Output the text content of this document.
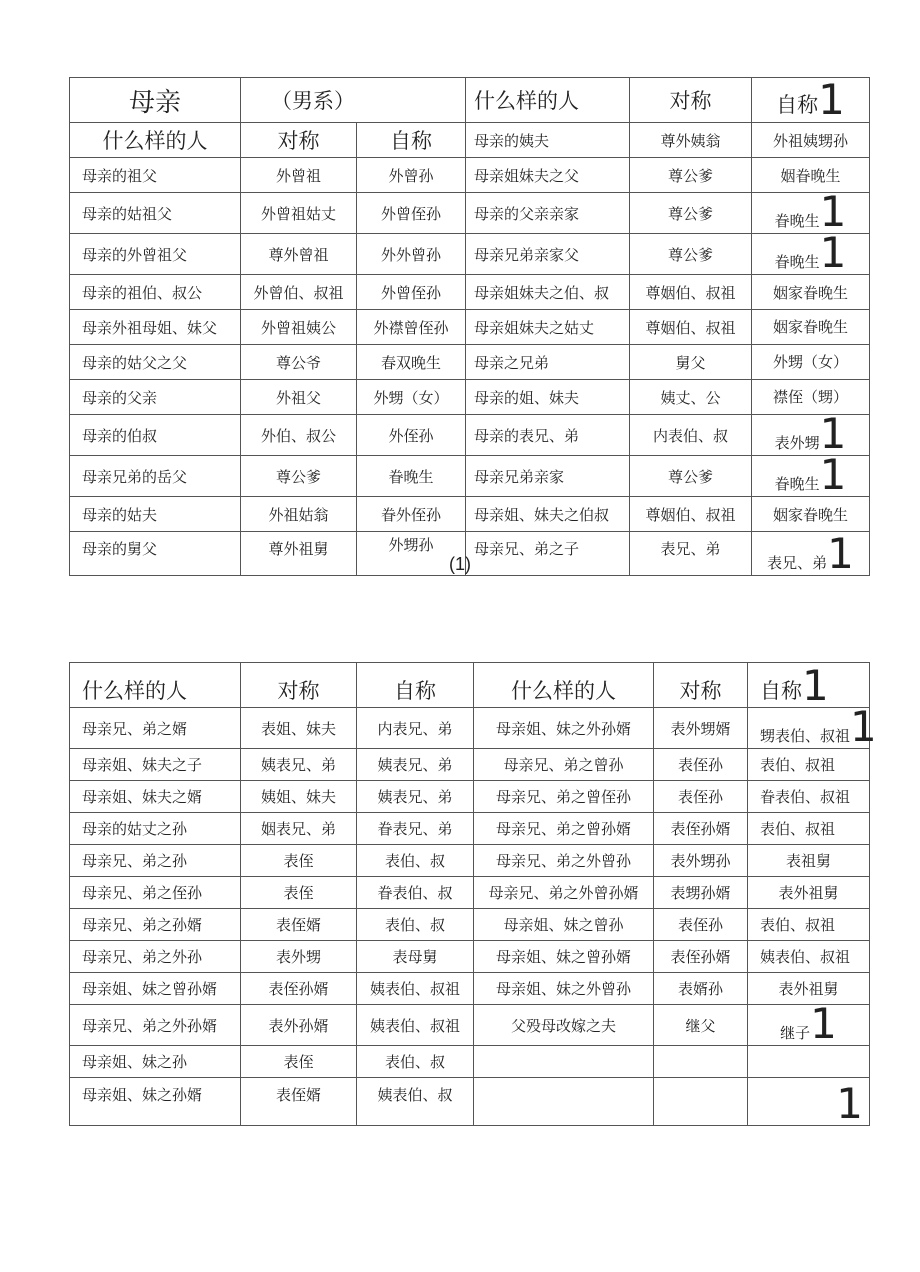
母亲	（男系）		什么样的人	对称	自称1
什么样的人	对称	自称	母亲的姨夫	尊外姨翁	外祖姨甥孙
母亲的祖父	外曾祖	外曾孙	母亲姐妹夫之父	尊公爹	姻眷晚生
母亲的姑祖父	外曾祖姑丈	外曾侄孙	母亲的父亲亲家	尊公爹	眷晚生1
母亲的外曾祖父	尊外曾祖	外外曾孙	母亲兄弟亲家父	尊公爹	眷晚生1
母亲的祖伯、叔公	外曾伯、叔祖	外曾侄孙	母亲姐妹夫之伯、叔	尊姻伯、叔祖	姻家眷晚生
母亲外祖母姐、妹父	外曾祖姨公	外襟曾侄孙	母亲姐妹夫之姑丈	尊姻伯、叔祖	姻家眷晚生
母亲的姑父之父	尊公爷	春双晚生	母亲之兄弟	舅父	外甥（女）
母亲的父亲	外祖父	外甥（女）	母亲的姐、妹夫	姨丈、公	襟侄（甥）
母亲的伯叔	外伯、叔公	外侄孙	母亲的表兄、弟	内表伯、叔	表外甥1
母亲兄弟的岳父	尊公爹	眷晚生	母亲兄弟亲家	尊公爹	眷晚生1
母亲的姑夫	外祖姑翁	眷外侄孙	母亲姐、妹夫之伯叔	尊姻伯、叔祖	姻家眷晚生
母亲的舅父	尊外祖舅	外甥孙	母亲兄、弟之子	表兄、弟	表兄、弟1
(1)
什么样的人	对称	自称	什么样的人	对称	自称1
母亲兄、弟之婿	表姐、妹夫	内表兄、弟	母亲姐、妹之外孙婿	表外甥婿	甥表伯、叔祖1
母亲姐、妹夫之子	姨表兄、弟	姨表兄、弟	母亲兄、弟之曾孙	表侄孙	表伯、叔祖
母亲姐、妹夫之婿	姨姐、妹夫	姨表兄、弟	母亲兄、弟之曾侄孙	表侄孙	眷表伯、叔祖
母亲的姑丈之孙	姻表兄、弟	眷表兄、弟	母亲兄、弟之曾孙婿	表侄孙婿	表伯、叔祖
母亲兄、弟之孙	表侄	表伯、叔	母亲兄、弟之外曾孙	表外甥孙	表祖舅
母亲兄、弟之侄孙	表侄	眷表伯、叔	母亲兄、弟之外曾孙婿	表甥孙婿	表外祖舅
母亲兄、弟之孙婿	表侄婿	表伯、叔	母亲姐、妹之曾孙	表侄孙	表伯、叔祖
母亲兄、弟之外孙	表外甥	表母舅	母亲姐、妹之曾孙婿	表侄孙婿	姨表伯、叔祖
母亲姐、妹之曾孙婿	表侄孙婿	姨表伯、叔祖	母亲姐、妹之外曾孙	表婿孙	表外祖舅
母亲兄、弟之外孙婿	表外孙婿	姨表伯、叔祖	父殁母改嫁之夫	继父	继子1
母亲姐、妹之孙	表侄	表伯、叔			
母亲姐、妹之孙婿	表侄婿	姨表伯、叔			1
